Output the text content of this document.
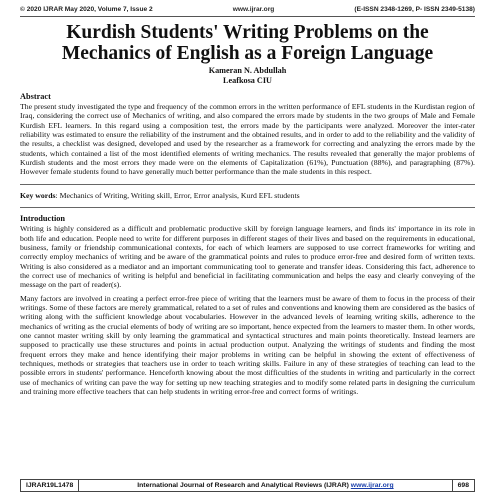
© 2020 IJRAR May 2020, Volume 7, Issue 2	www.ijrar.org	(E-ISSN 2348-1269, P- ISSN 2349-5138)
Kurdish Students' Writing Problems on the
Mechanics of English as a Foreign Language
Kameran N. Abdullah
Leafkosa CIU
Abstract

The present study investigated the type and frequency of the common errors in the written performance of EFL students in the Kurdistan region of Iraq, considering the correct use of Mechanics of writing, and also compared the errors made by students in the two groups of Male and Female Kurdish EFL learners. In this regard using a composition test, the errors made by the participants were analyzed. Moreover the inter-rater reliability was estimated to ensure the reliability of the instrument and the obtained results, and in order to add to the reliability and the validity of the results, a checklist was designed, developed and used by the researcher as a framework for correcting and analyzing the errors made by the students, which contained a list of the most identified elements of writing mechanics. The results revealed that generally the major problems of Kurdish students and the most errors they made were on the elements of Capitalization (61%), Punctuation (88%), and paragraphing (87%). However female students found to have generally much better performance than the male students in this respect.

Key words: Mechanics of Writing, Writing skill, Error, Error analysis, Kurd EFL students
Introduction

Writing is highly considered as a difficult and problematic productive skill by foreign language learners, and finds its' importance in its role in both life and education. People need to write for different purposes in different stages of their lives and based on the requirements in educational, business, family or friendship communicational contexts, for each of which learners are supposed to use correct frameworks for writing and correctly employ mechanics of writing and be aware of the grammatical points and rules to produce error-free and desired form of written texts. Writing is also considered as a mediator and an important communicating tool to generate and transfer ideas. Considering this fact, adherence to the correct use of mechanics of writing is helpful and beneficial in facilitating communication and helps the easy and clearly conveying of the message on the part of reader(s).

Many factors are involved in creating a perfect error-free piece of writing that the learners must be aware of them to focus in the process of their writings. Some of these factors are merely grammatical, related to a set of rules and conventions and knowing them are considered as the basics of writing along with the sufficient knowledge about vocabularies. However in the advanced levels of learning writing skills, adherence to the mechanics of writing as the crucial elements of body of writing are so important, hence expected from the learners to master them. In other words, one cannot master writing skill by only learning the grammatical and syntactical structures and main points theoretically. Instead learners are supposed to practically use these structures and points in actual production output. Analyzing the writings of students and finding the most frequent errors they make and hence identifying their major problems in writing can be helpful in showing the extent of effectiveness of techniques, methods or strategies that teachers use in order to teach writing skills. Failure in any of these strategies of teaching can lead to the possible errors in students' performance. Henceforth knowing about the most difficulties of the students in writing and particularly in the correct use of mechanics of writing can pave the way for setting up new teaching strategies and to modify some related parts in designing the curriculum and training more effective teachers that can help students in writing error-free and correct forms of writings.

IJRAR19L1478	International Journal of Research and Analytical Reviews (IJRAR)
www.ijrar.org	698
